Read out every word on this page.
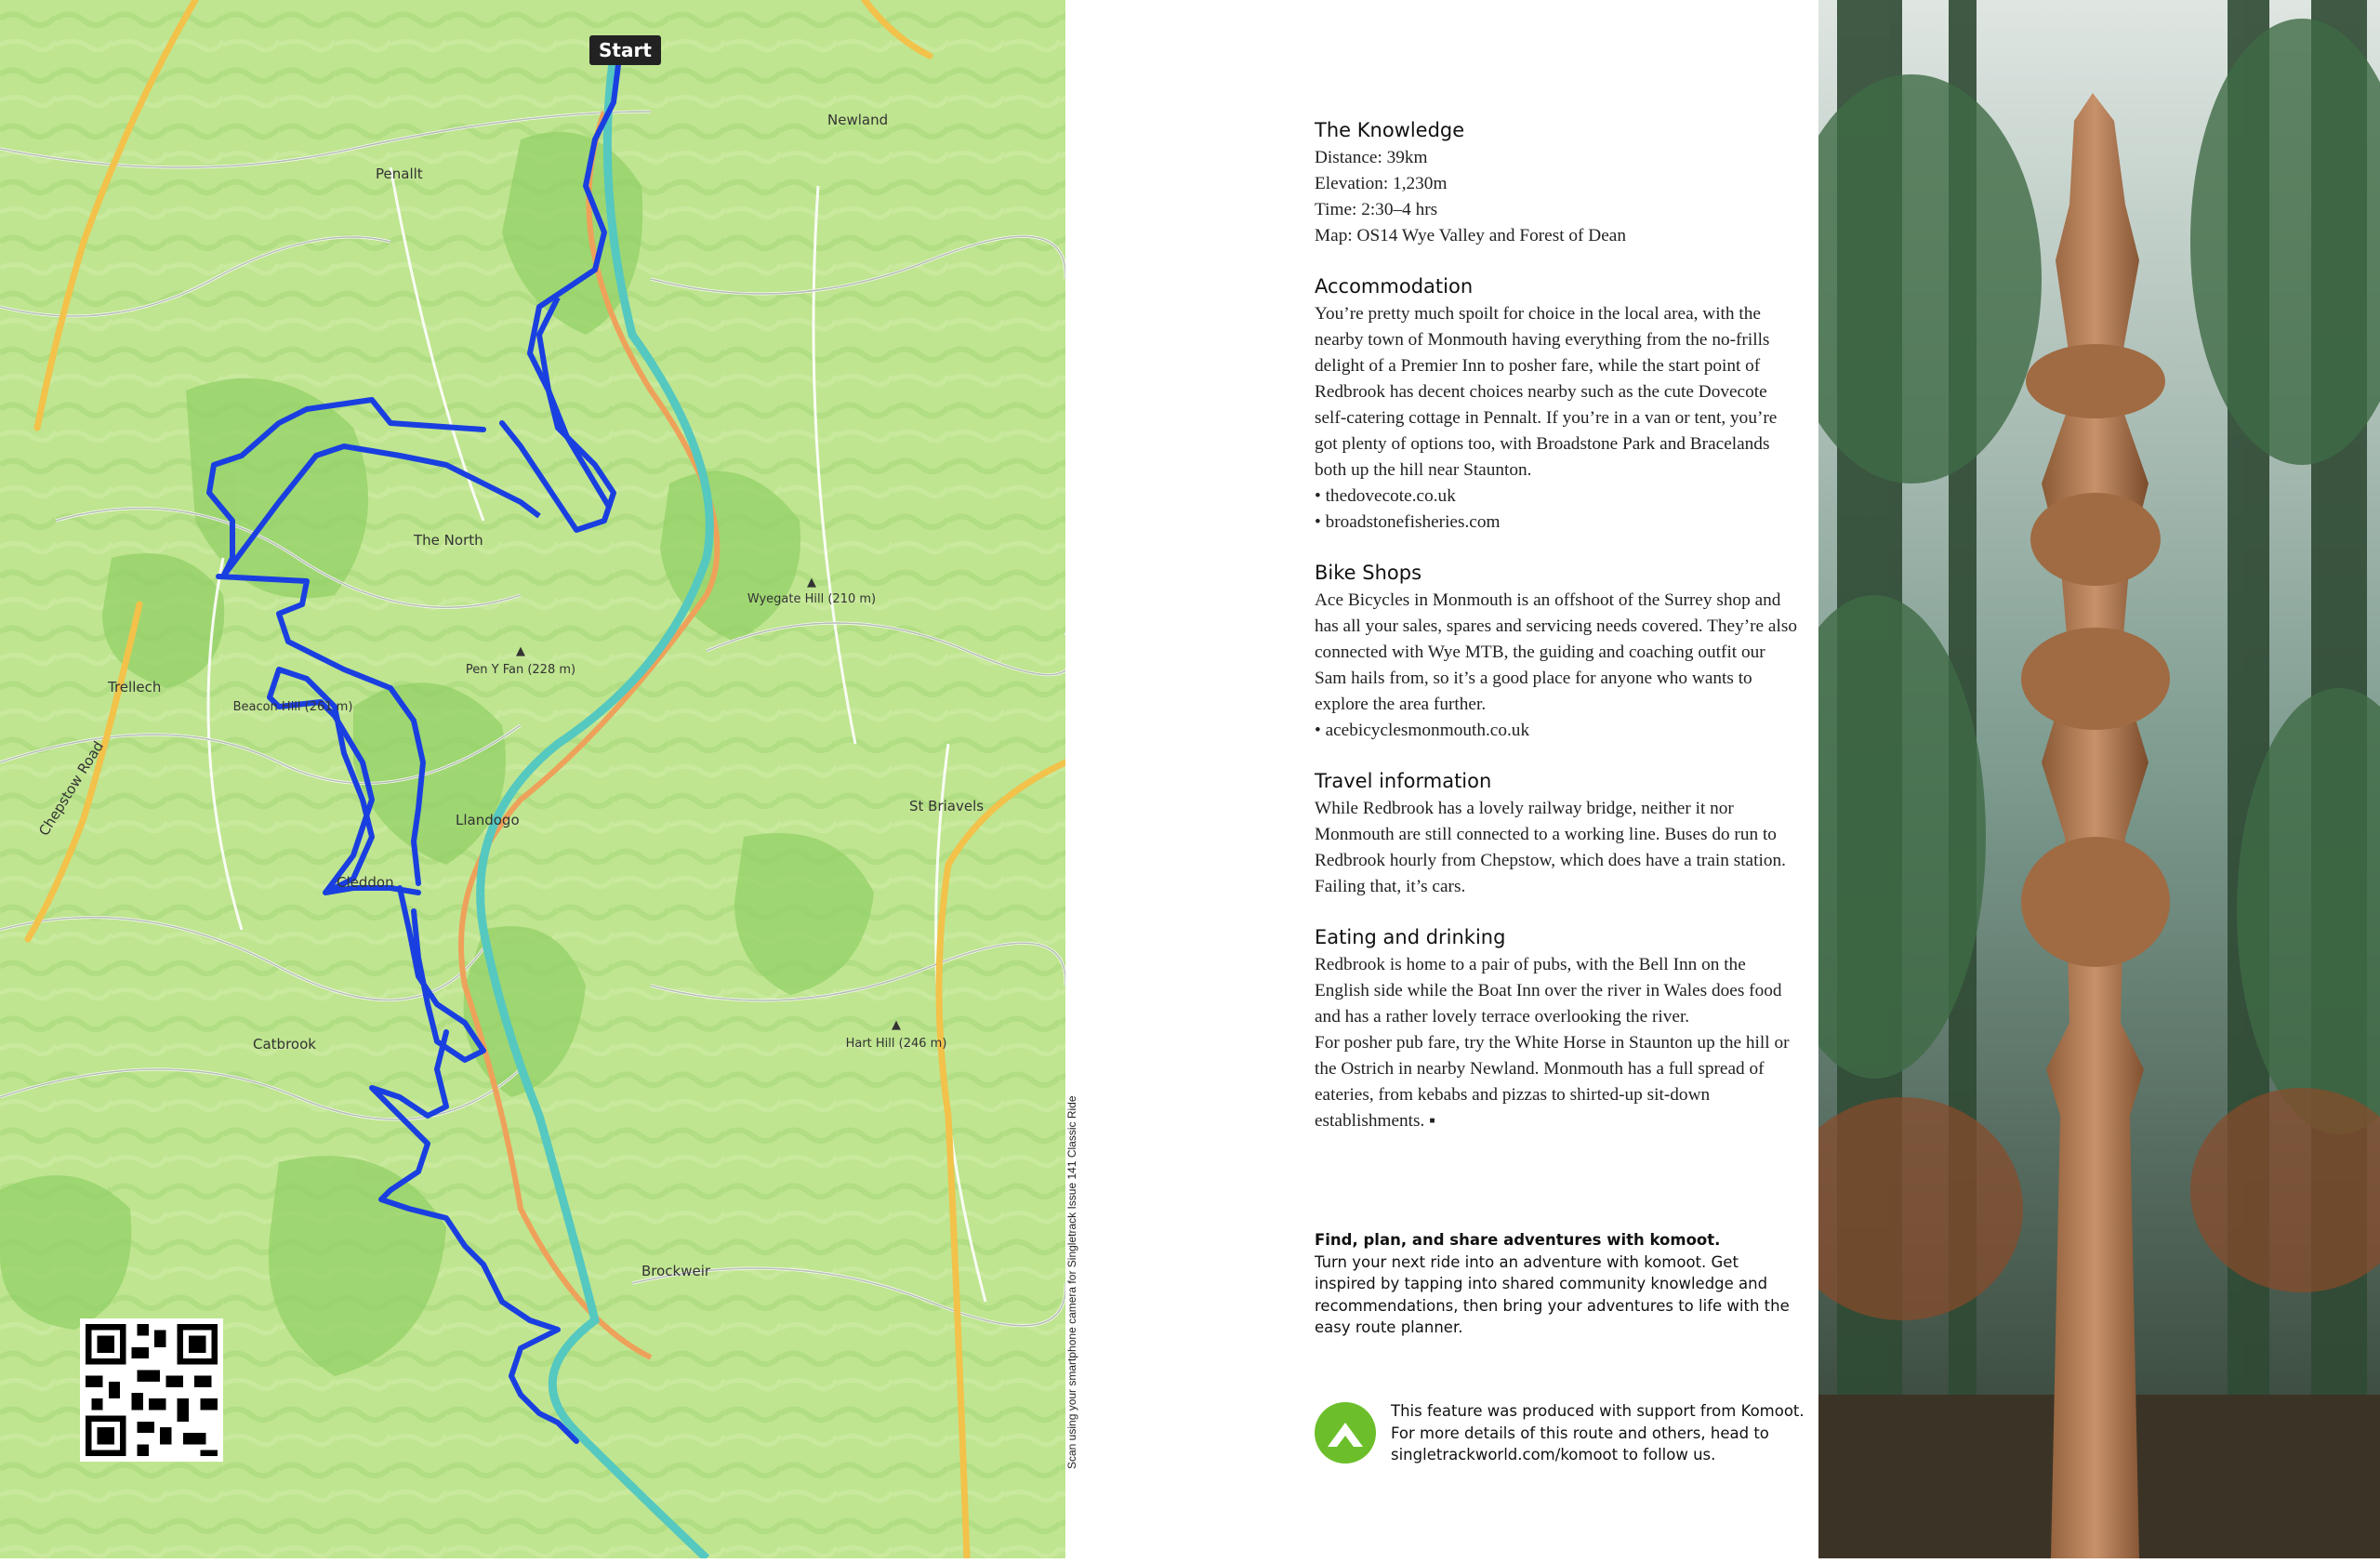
Newland
Penallt
The North
Trellech
Llandogo
Cleddon
Catbrook
Brockweir
St Briavels
Chepstow Road
▲
Wyegate Hill (210 m)
▲
Pen Y Fan (228 m)
Beacon Hill (261 m)
▲
Hart Hill (246 m)
Start
Scan using your smartphone camera for Singletrack Issue 141 Classic Ride
The Knowledge

Distance: 39km

Elevation: 1,230m

Time: 2:30–4 hrs

Map: OS14 Wye Valley and Forest of Dean

Accommodation

You’re pretty much spoilt for choice in the local area, with the nearby town of Monmouth having everything from the no-frills delight of a Premier Inn to posher fare, while the start point of Redbrook has decent choices nearby such as the cute Dovecote self-catering cottage in Pennalt. If you’re in a van or tent, you’re got plenty of options too, with Broadstone Park and Bracelands both up the hill near Staunton.

• thedovecote.co.uk

• broadstonefisheries.com

Bike Shops

Ace Bicycles in Monmouth is an offshoot of the Surrey shop and has all your sales, spares and servicing needs covered. They’re also connected with Wye MTB, the guiding and coaching outfit our Sam hails from, so it’s a good place for anyone who wants to explore the area further.

• acebicyclesmonmouth.co.uk

Travel information

While Redbrook has a lovely railway bridge, neither it nor Monmouth are still connected to a working line. Buses do run to Redbrook hourly from Chepstow, which does have a train station. Failing that, it’s cars.

Eating and drinking

Redbrook is home to a pair of pubs, with the Bell Inn on the English side while the Boat Inn over the river in Wales does food and has a rather lovely terrace overlooking the river.

For posher pub fare, try the White Horse in Staunton up the hill or the Ostrich in nearby Newland. Monmouth has a full spread of eateries, from kebabs and pizzas to shirted-up sit-down establishments. ▪

Find, plan, and share adventures with komoot.
Turn your next ride into an adventure with komoot. Get inspired by tapping into shared community knowledge and recommendations, then bring your adventures to life with the easy route planner.
This feature was produced with support from Komoot. For more details of this route and others, head to singletrackworld.com/komoot to follow us.
